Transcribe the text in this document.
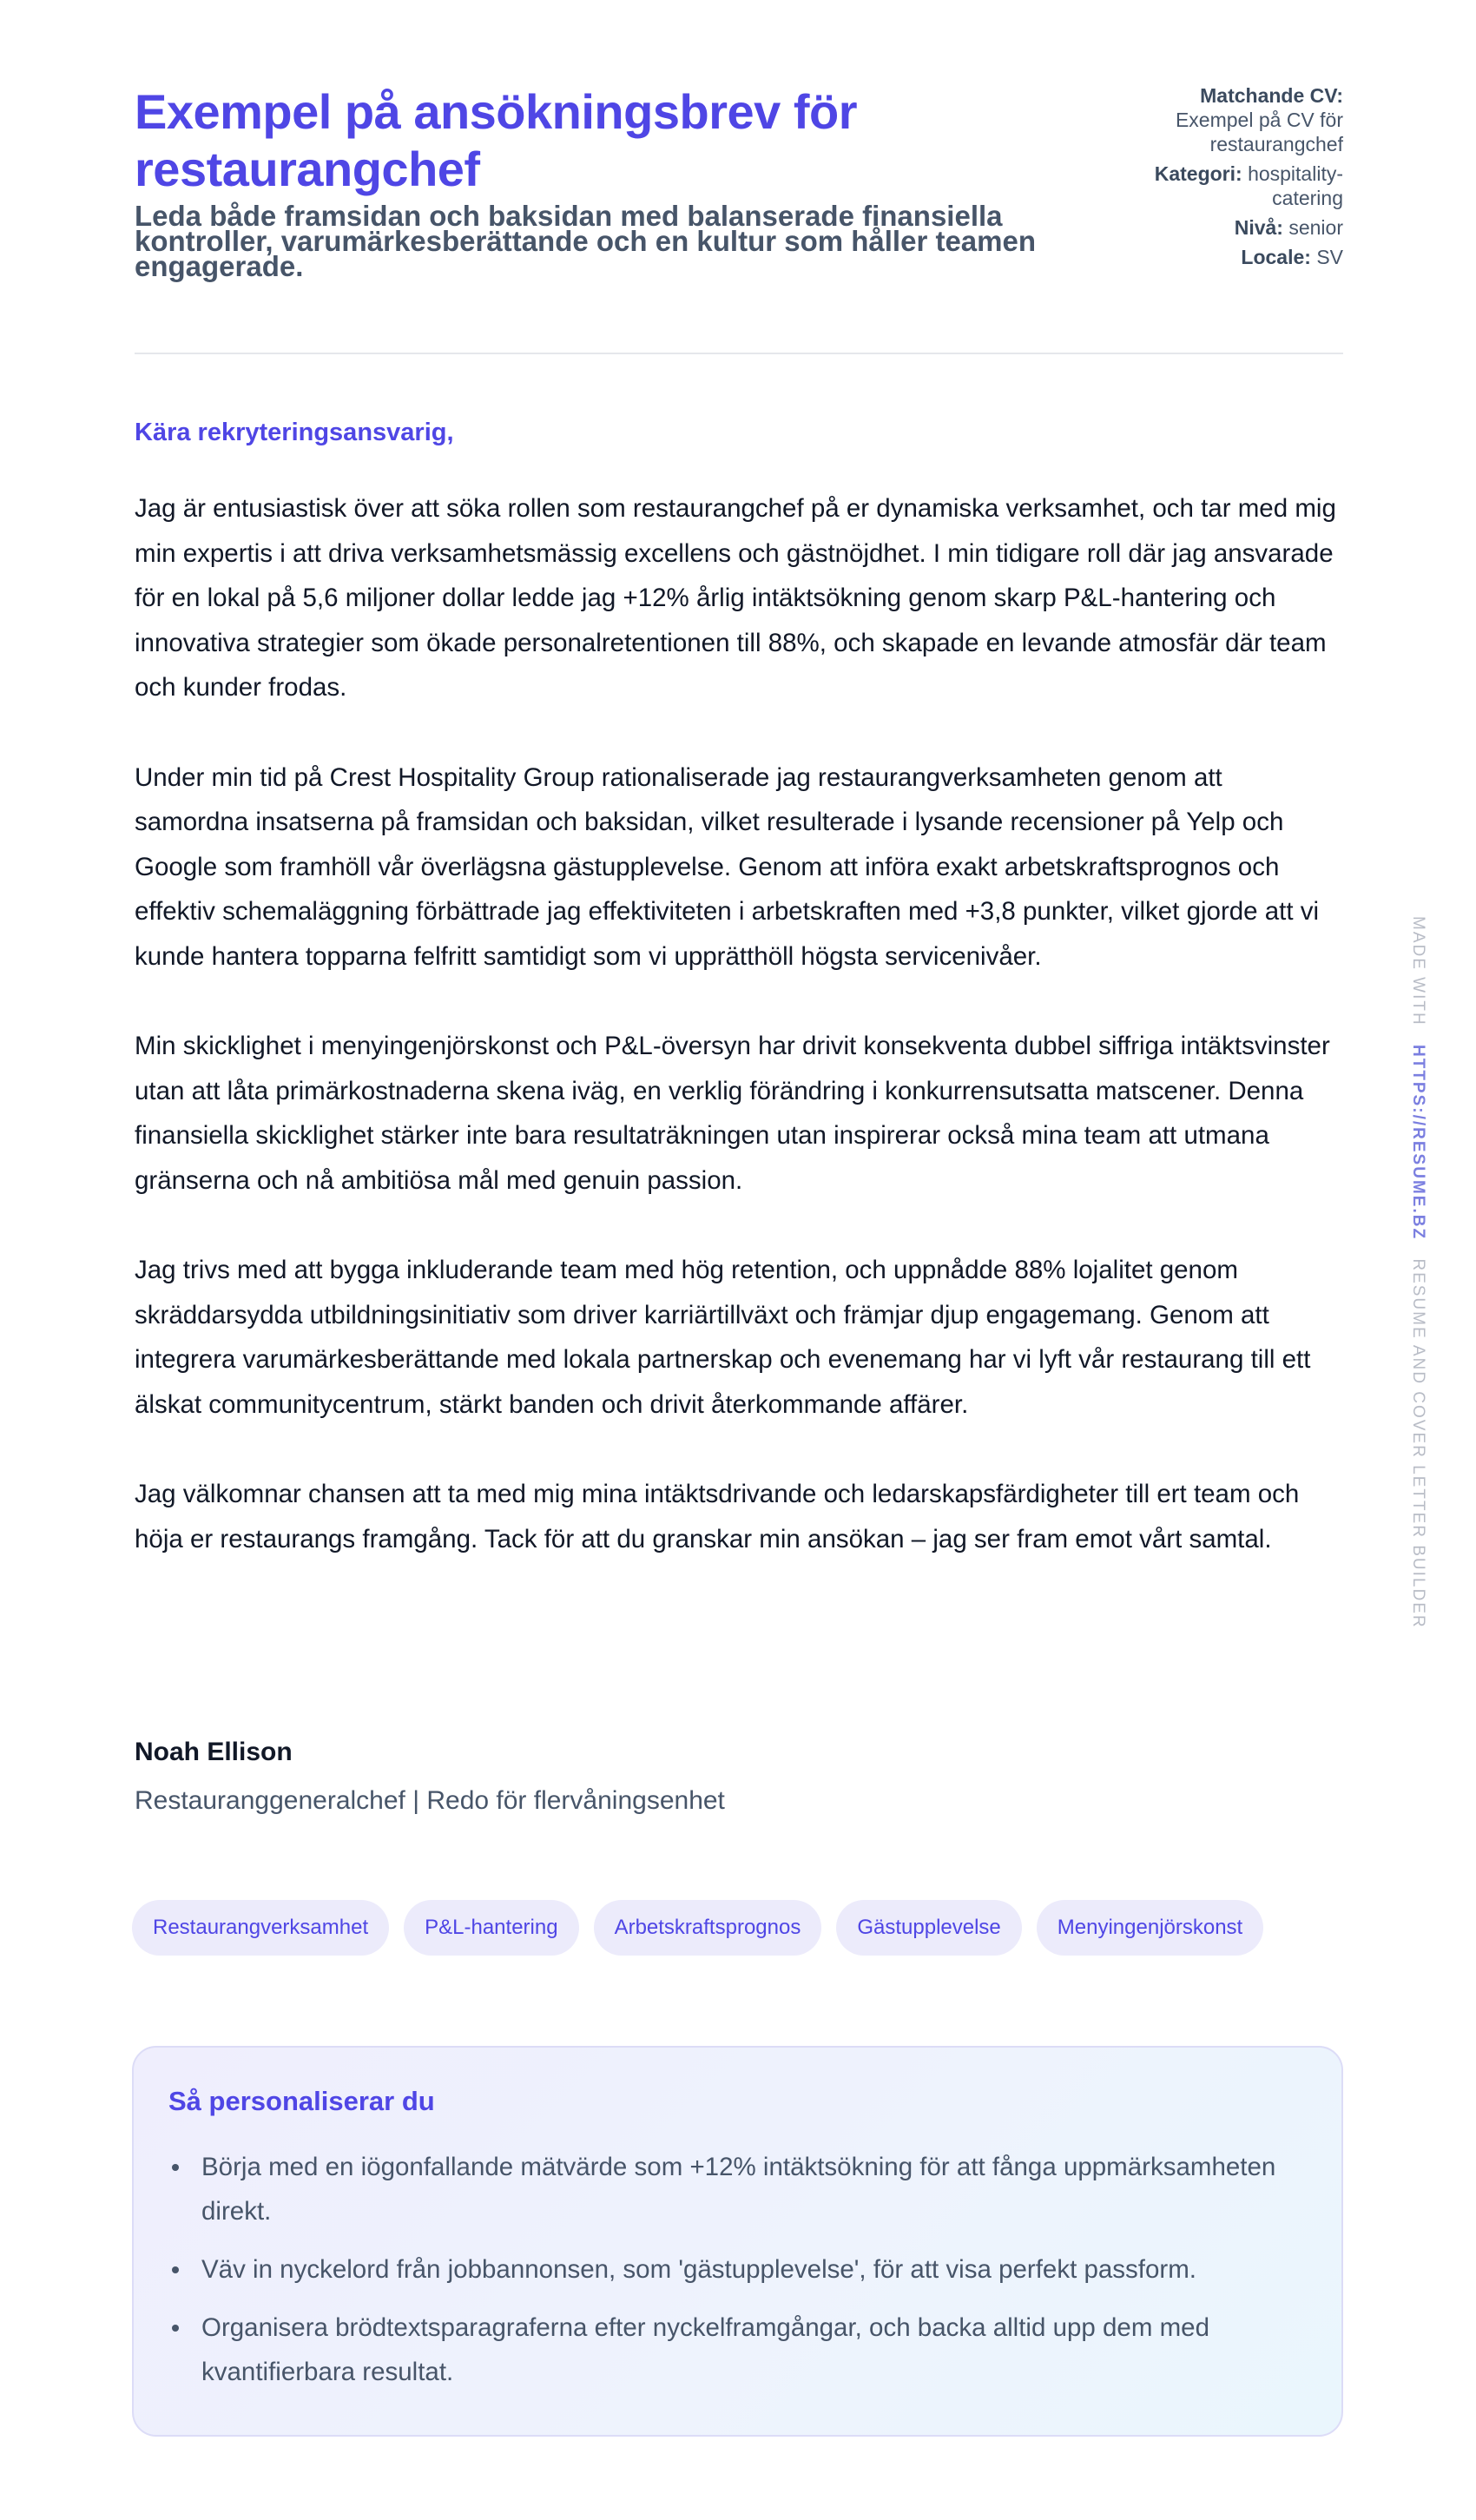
Exempel på ansökningsbrev för restaurangchef
Leda både framsidan och baksidan med balanserade finansiella kontroller, varumärkesberättande och en kultur som håller teamen engagerade.
Matchande CV:
Exempel på CV för restaurangchef
Kategori: hospitality-catering
Nivå: senior
Locale: SV
Kära rekryteringsansvarig,

Jag är entusiastisk över att söka rollen som restaurangchef på er dynamiska verksamhet, och tar med mig min expertis i att driva verksamhetsmässig excellens och gästnöjdhet. I min tidigare roll där jag ansvarade för en lokal på 5,6 miljoner dollar ledde jag +12% årlig intäktsökning genom skarp P&L-hantering och innovativa strategier som ökade personalretentionen till 88%, och skapade en levande atmosfär där team och kunder frodas.

Under min tid på Crest Hospitality Group rationaliserade jag restaurangverksamheten genom att samordna insatserna på framsidan och baksidan, vilket resulterade i lysande recensioner på Yelp och Google som framhöll vår överlägsna gästupplevelse. Genom att införa exakt arbetskraftsprognos och effektiv schemaläggning förbättrade jag effektiviteten i arbetskraften med +3,8 punkter, vilket gjorde att vi kunde hantera topparna felfritt samtidigt som vi upprätthöll högsta servicenivåer.

Min skicklighet i menyingenjörskonst och P&L-översyn har drivit konsekventa dubbel siffriga intäktsvinster utan att låta primärkostnaderna skena iväg, en verklig förändring i konkurrensutsatta matscener. Denna finansiella skicklighet stärker inte bara resultaträkningen utan inspirerar också mina team att utmana gränserna och nå ambitiösa mål med genuin passion.

Jag trivs med att bygga inkluderande team med hög retention, och uppnådde 88% lojalitet genom skräddarsydda utbildningsinitiativ som driver karriärtillväxt och främjar djup engagemang. Genom att integrera varumärkesberättande med lokala partnerskap och evenemang har vi lyft vår restaurang till ett älskat communitycentrum, stärkt banden och drivit återkommande affärer.

Jag välkomnar chansen att ta med mig mina intäktsdrivande och ledarskapsfärdigheter till ert team och höja er restaurangs framgång. Tack för att du granskar min ansökan – jag ser fram emot vårt samtal.

Noah Ellison
Restauranggeneralchef | Redo för flervåningsenhet
Restaurangverksamhet	P&L-hantering	Arbetskraftsprognos	Gästupplevelse	Menyingenjörskonst
Så personaliserar du
Börja med en iögonfallande mätvärde som +12% intäktsökning för att fånga uppmärksamheten direkt.
Väv in nyckelord från jobbannonsen, som 'gästupplevelse', för att visa perfekt passform.
Organisera brödtextsparagraferna efter nyckelframgångar, och backa alltid upp dem med kvantifierbara resultat.
MADE WITH HTTPS://RESUME.BZ RESUME AND COVER LETTER BUILDER
